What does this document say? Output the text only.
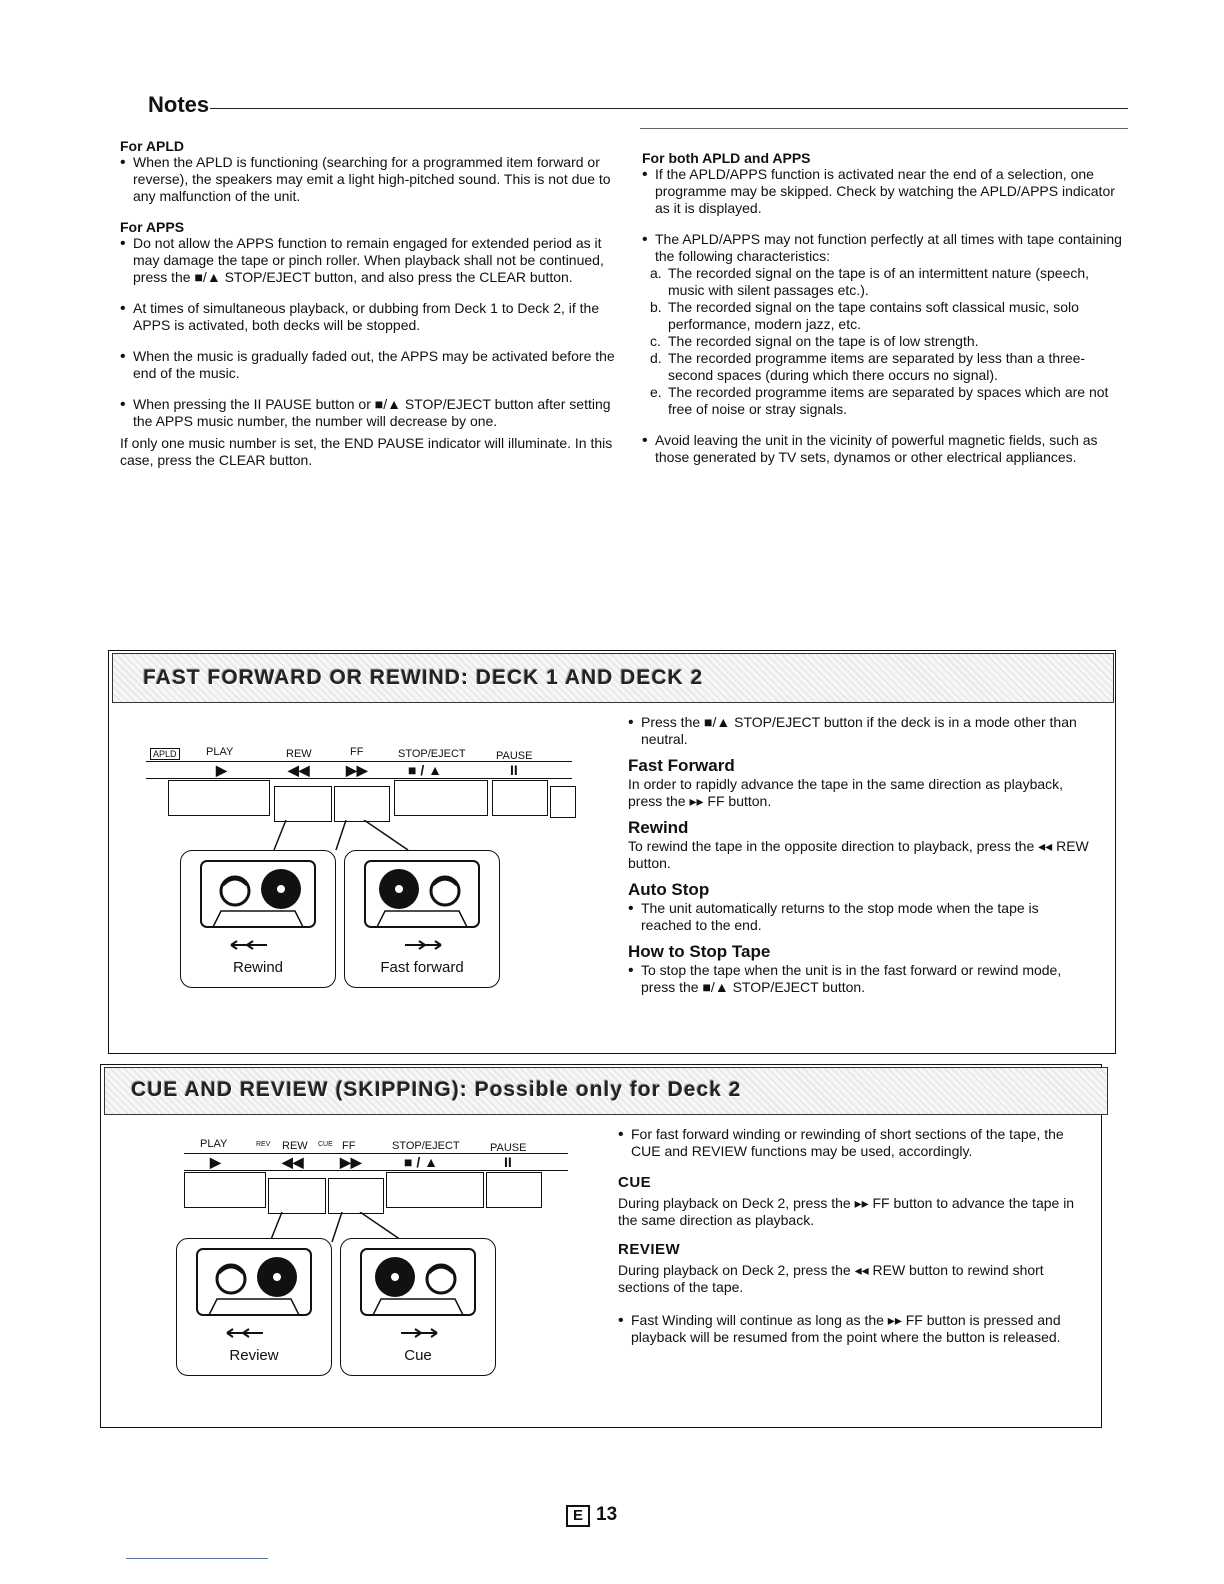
Notes
For APLD
• When the APLD is functioning (searching for a programmed item forward or reverse), the speakers may emit a light high-pitched sound. This is not due to any malfunction of the unit.
For APPS
• Do not allow the APPS function to remain engaged for extended period as it may damage the tape or pinch roller. When playback shall not be continued, press the ■/▲ STOP/EJECT button, and also press the CLEAR button.
• At times of simultaneous playback, or dubbing from Deck 1 to Deck 2, if the APPS is activated, both decks will be stopped.
• When the music is gradually faded out, the APPS may be activated before the end of the music.
• When pressing the II PAUSE button or ■/▲ STOP/EJECT button after setting the APPS music number, the number will decrease by one.
If only one music number is set, the END PAUSE indicator will illuminate. In this case, press the CLEAR button.
For both APLD and APPS
• If the APLD/APPS function is activated near the end of a selection, one programme may be skipped. Check by watching the APLD/APPS indicator as it is displayed.
• The APLD/APPS may not function perfectly at all times with tape containing the following characteristics:
a. The recorded signal on the tape is of an intermittent nature (speech, music with silent passages etc.).
b. The recorded signal on the tape contains soft classical music, solo performance, modern jazz, etc.
c. The recorded signal on the tape is of low strength.
d. The recorded programme items are separated by less than a three-second spaces (during which there occurs no signal).
e. The recorded programme items are separated by spaces which are not free of noise or stray signals.
• Avoid leaving the unit in the vicinity of powerful magnetic fields, such as those generated by TV sets, dynamos or other electrical appliances.
FAST FORWARD OR REWIND: DECK 1 AND DECK 2
APLD	PLAY	REW	FF	STOP/EJECT	PAUSE
▶	◀◀	▶▶	■ / ▲	II
Rewind	Fast forward
• Press the ■/▲ STOP/EJECT button if the deck is in a mode other than neutral.
Fast Forward
In order to rapidly advance the tape in the same direction as playback, press the ▸▸ FF button.
Rewind
To rewind the tape in the opposite direction to playback, press the ◂◂ REW button.
Auto Stop
• The unit automatically returns to the stop mode when the tape is reached to the end.
How to Stop Tape
• To stop the tape when the unit is in the fast forward or rewind mode, press the ■/▲ STOP/EJECT button.
CUE AND REVIEW (SKIPPING): Possible only for Deck 2
PLAY	REV REW CUE FF	STOP/EJECT	PAUSE
▶	◀◀	▶▶	■ / ▲	II
Review	Cue
• For fast forward winding or rewinding of short sections of the tape, the CUE and REVIEW functions may be used, accordingly.
CUE
During playback on Deck 2, press the ▸▸ FF button to advance the tape in the same direction as playback.
REVIEW
During playback on Deck 2, press the ◂◂ REW button to rewind short sections of the tape.
• Fast Winding will continue as long as the ▸▸ FF button is pressed and playback will be resumed from the point where the button is released.
E 13
